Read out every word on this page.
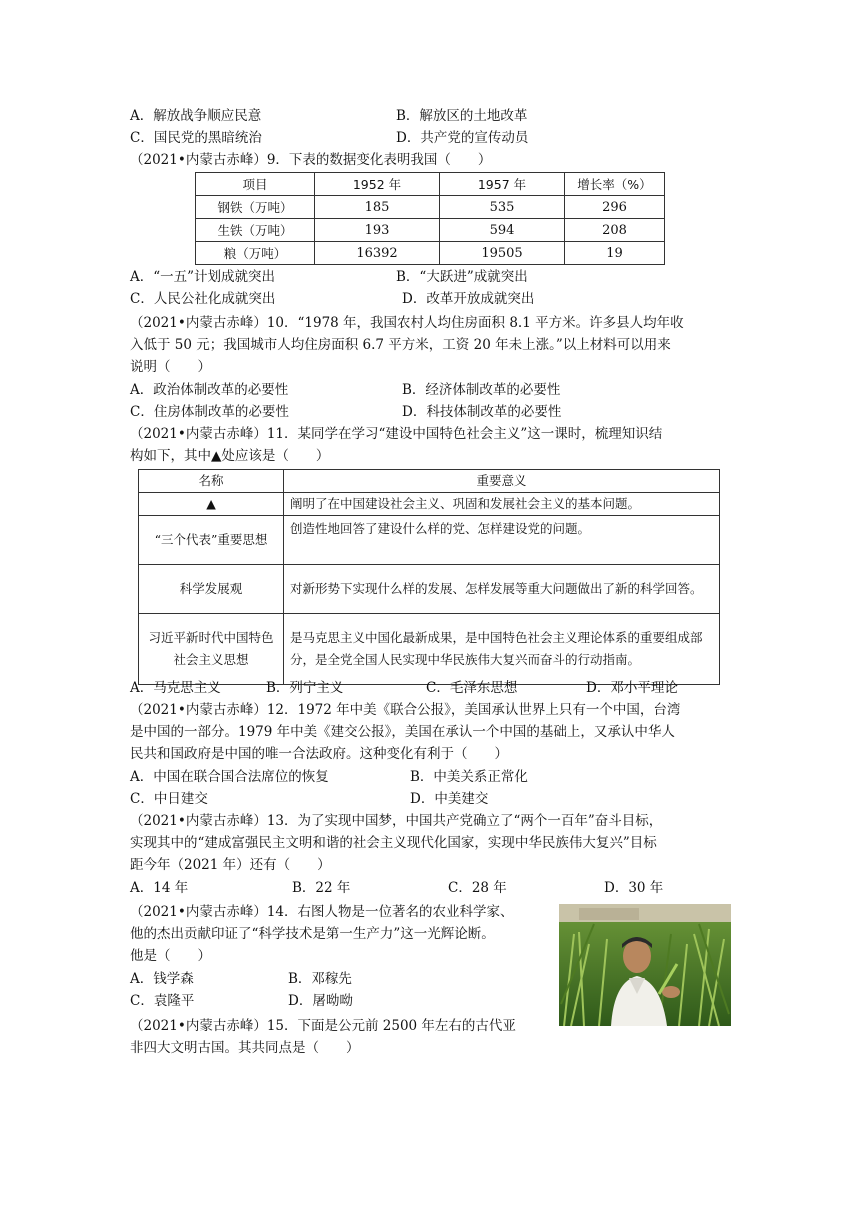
A．解放战争顺应民意	B．解放区的土地改革
C．国民党的黑暗统治	D．共产党的宣传动员
（2021•内蒙古赤峰）9．下表的数据变化表明我国（　　）
项目	1952 年	1957 年	增长率（%）
钢铁（万吨）	185	535	296
生铁（万吨）	193	594	208
粮（万吨）	16392	19505	19
A．“一五”计划成就突出	B．“大跃进”成就突出
C．人民公社化成就突出	D．改革开放成就突出
（2021•内蒙古赤峰）10．“1978 年，我国农村人均住房面积 8.1 平方米。许多县人均年收
入低于 50 元；我国城市人均住房面积 6.7 平方米，工资 20 年未上涨。”以上材料可以用来
说明（　　）
A．政治体制改革的必要性	B．经济体制改革的必要性
C．住房体制改革的必要性	D．科技体制改革的必要性
（2021•内蒙古赤峰）11．某同学在学习“建设中国特色社会主义”这一课时，梳理知识结
构如下，其中▲处应该是（　　）
名称	重要意义
▲	阐明了在中国建设社会主义、巩固和发展社会主义的基本问题。
“三个代表”重要思想	创造性地回答了建设什么样的党、怎样建设党的问题。
科学发展观	对新形势下实现什么样的发展、怎样发展等重大问题做出了新的科学回答。
习近平新时代中国特色社会主义思想	是马克思主义中国化最新成果，是中国特色社会主义理论体系的重要组成部分，是全党全国人民实现中华民族伟大复兴而奋斗的行动指南。
A．马克思主义	B．列宁主义	C．毛泽东思想	D．邓小平理论
（2021•内蒙古赤峰）12．1972 年中美《联合公报》，美国承认世界上只有一个中国，台湾
是中国的一部分。1979 年中美《建交公报》，美国在承认一个中国的基础上，又承认中华人
民共和国政府是中国的唯一合法政府。这种变化有利于（　　）
A．中国在联合国合法席位的恢复	B．中美关系正常化
C．中日建交	D．中美建交
（2021•内蒙古赤峰）13．为了实现中国梦，中国共产党确立了“两个一百年”奋斗目标，
实现其中的“建成富强民主文明和谐的社会主义现代化国家，实现中华民族伟大复兴”目标
距今年（2021 年）还有（　　）
A．14 年	B．22 年	C．28 年	D．30 年
（2021•内蒙古赤峰）14．右图人物是一位著名的农业科学家、
他的杰出贡献印证了“科学技术是第一生产力”这一光辉论断。
他是（　　）
A．钱学森	B．邓稼先
C．袁隆平	D．屠呦呦
（2021•内蒙古赤峰）15．下面是公元前 2500 年左右的古代亚
非四大文明古国。其共同点是（　　）
